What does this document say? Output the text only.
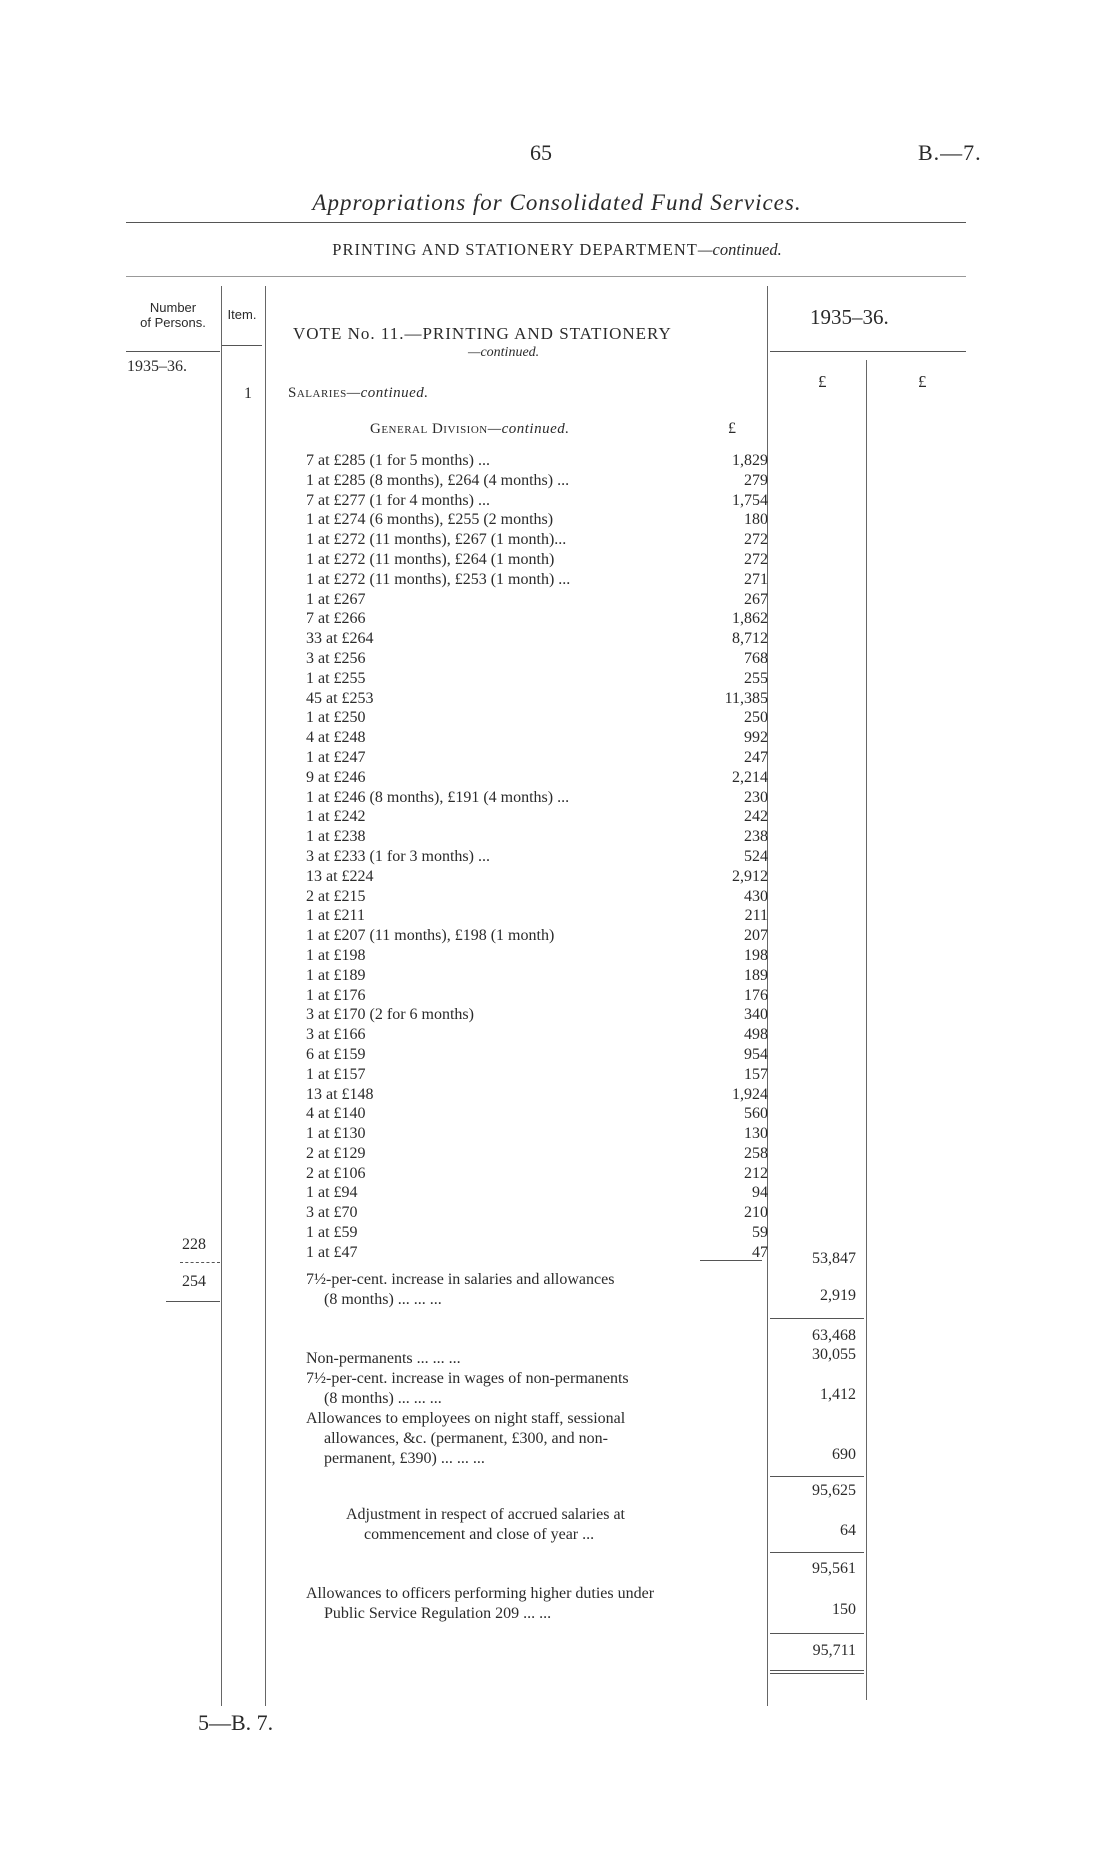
65	B.—7.
Appropriations for Consolidated Fund Services.
PRINTING AND STATIONERY DEPARTMENT—continued.
Number
of Persons.
Item.
VOTE No. 11.—PRINTING AND STATIONERY
—continued.
1935–36.
1935–36.
£	£
1 Salaries—continued.
General Division—continued.	£
7 at £285 (1 for 5 months) ...	1,829
1 at £285 (8 months), £264 (4 months) ...	279
7 at £277 (1 for 4 months) ...	1,754
1 at £274 (6 months), £255 (2 months)	180
1 at £272 (11 months), £267 (1 month)...	272
1 at £272 (11 months), £264 (1 month)	272
1 at £272 (11 months), £253 (1 month) ...	271
1 at £267	267
7 at £266	1,862
33 at £264	8,712
3 at £256	768
1 at £255	255
45 at £253	11,385
1 at £250	250
4 at £248	992
1 at £247	247
9 at £246	2,214
1 at £246 (8 months), £191 (4 months) ...	230
1 at £242	242
1 at £238	238
3 at £233 (1 for 3 months) ...	524
13 at £224	2,912
2 at £215	430
1 at £211	211
1 at £207 (11 months), £198 (1 month)	207
1 at £198	198
1 at £189	189
1 at £176	176
3 at £170 (2 for 6 months)	340
3 at £166	498
6 at £159	954
1 at £157	157
13 at £148	1,924
4 at £140	560
1 at £130	130
2 at £129	258
2 at £106	212
1 at £94	94
3 at £70	210
1 at £59	59
1 at £47	47
228
254
53,847
7½-per-cent. increase in salaries and allowances
(8 months) ... ... ...	2,919
63,468
Non-permanents ... ... ...	30,055
7½-per-cent. increase in wages of non-permanents
(8 months) ... ... ...	1,412
Allowances to employees on night staff, sessional
allowances, &c. (permanent, £300, and non-
permanent, £390) ... ... ...	690
95,625
Adjustment in respect of accrued salaries at
commencement and close of year ...	64
95,561
Allowances to officers performing higher duties under
Public Service Regulation 209 ... ...	150
95,711
5—B. 7.
